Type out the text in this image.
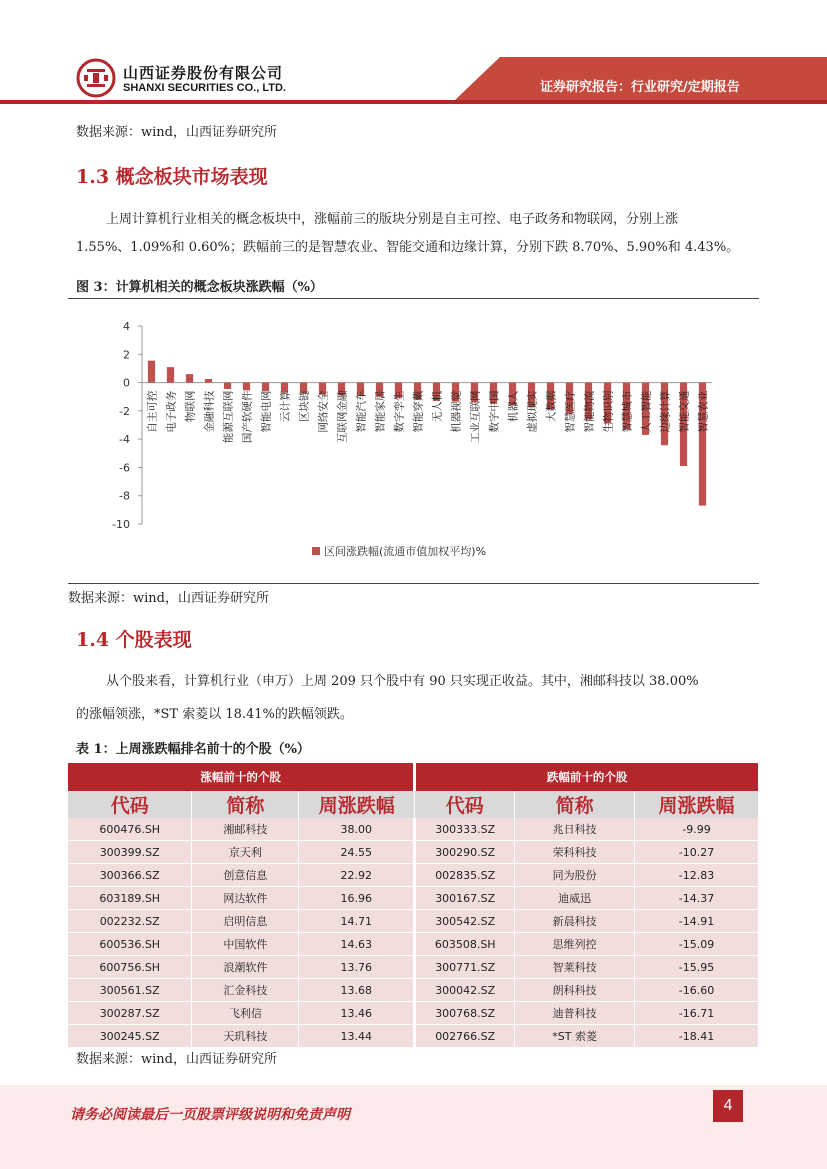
山西证券股份有限公司
SHANXI SECURITIES CO., LTD.	证券研究报告：行业研究/定期报告
数据来源：wind，山西证券研究所
1.3 概念板块市场表现
上周计算机行业相关的概念板块中，涨幅前三的版块分别是自主可控、电子政务和物联网，分别上涨
1.55%、1.09%和 0.60%；跌幅前三的是智慧农业、智能交通和边缘计算，分别下跌 8.70%、5.90%和 4.43%。
图 3：计算机相关的概念板块涨跌幅（%）
4
2
0
-2
-4
-6
-8
-10
自主可控 电子政务 物联网 金融科技 能源互联网 国产软硬件 智能电网 云计算 区块链 网络安全 互联网金融 智能汽车 智能家居 数字孪生 智能穿戴 无人机 机器视觉 工业互联网 数字中国 机器人 虚拟现实 大数据 智慧医疗 智能物流 生物识别 智慧城市 人工智能 边缘计算 智能交通 智慧农业
区间涨跌幅(流通市值加权平均)%
数据来源：wind，山西证券研究所
1.4 个股表现
从个股来看，计算机行业（申万）上周 209 只个股中有 90 只实现正收益。其中，湘邮科技以 38.00%
的涨幅领涨，*ST 索菱以 18.41%的跌幅领跌。
表 1：上周涨跌幅排名前十的个股（%）
涨幅前十的个股			跌幅前十的个股		
代码	简称	周涨跌幅	代码	简称	周涨跌幅
600476.SH	湘邮科技	38.00	300333.SZ	兆日科技	-9.99
300399.SZ	京天利	24.55	300290.SZ	荣科科技	-10.27
300366.SZ	创意信息	22.92	002835.SZ	同为股份	-12.83
603189.SH	网达软件	16.96	300167.SZ	迪威迅	-14.37
002232.SZ	启明信息	14.71	300542.SZ	新晨科技	-14.91
600536.SH	中国软件	14.63	603508.SH	思维列控	-15.09
600756.SH	浪潮软件	13.76	300771.SZ	智莱科技	-15.95
300561.SZ	汇金科技	13.68	300042.SZ	朗科科技	-16.60
300287.SZ	飞利信	13.46	300768.SZ	迪普科技	-16.71
300245.SZ	天玑科技	13.44	002766.SZ	*ST 索菱	-18.41
数据来源：wind，山西证券研究所
请务必阅读最后一页股票评级说明和免责声明
4
